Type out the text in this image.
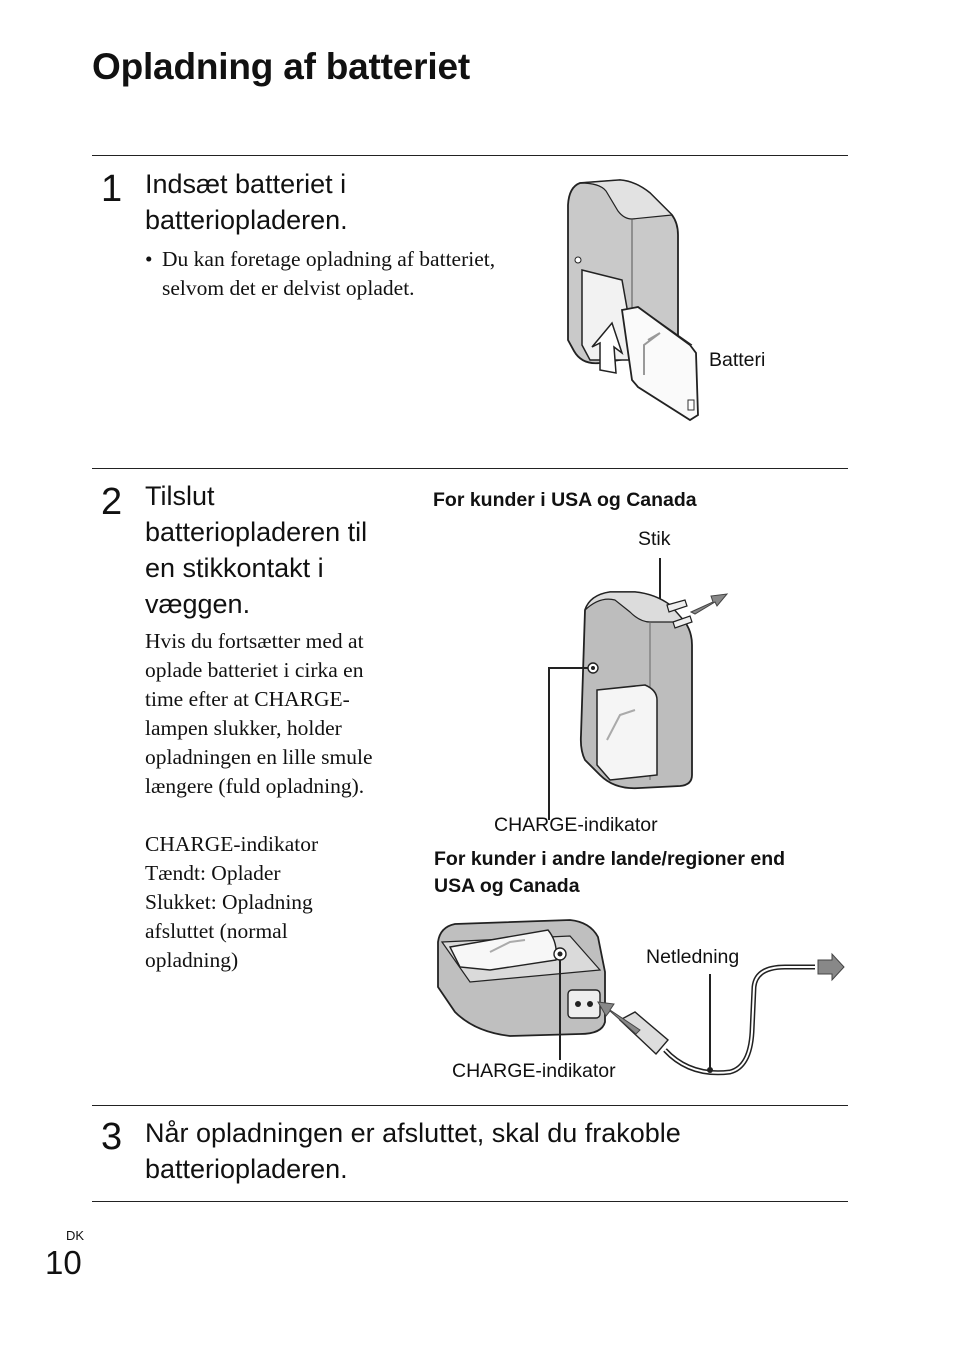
Opladning af batteriet
1 Indsæt batteriet i
batteriopladeren.
• Du kan foretage opladning af batteriet,
selvom det er delvist opladet.
Batteri
2 Tilslut
batteriopladeren til
en stikkontakt i
væggen.
Hvis du fortsætter med at
oplade batteriet i cirka en
time efter at CHARGE-
lampen slukker, holder
opladningen en lille smule
længere (fuld opladning).
CHARGE-indikator
Tændt: Oplader
Slukket: Opladning
afsluttet (normal
opladning)
For kunder i USA og Canada
Stik
CHARGE-indikator
For kunder i andre lande/regioner end
USA og Canada
Netledning
CHARGE-indikator
3 Når opladningen er afsluttet, skal du frakoble
batteriopladeren.
DK
10
